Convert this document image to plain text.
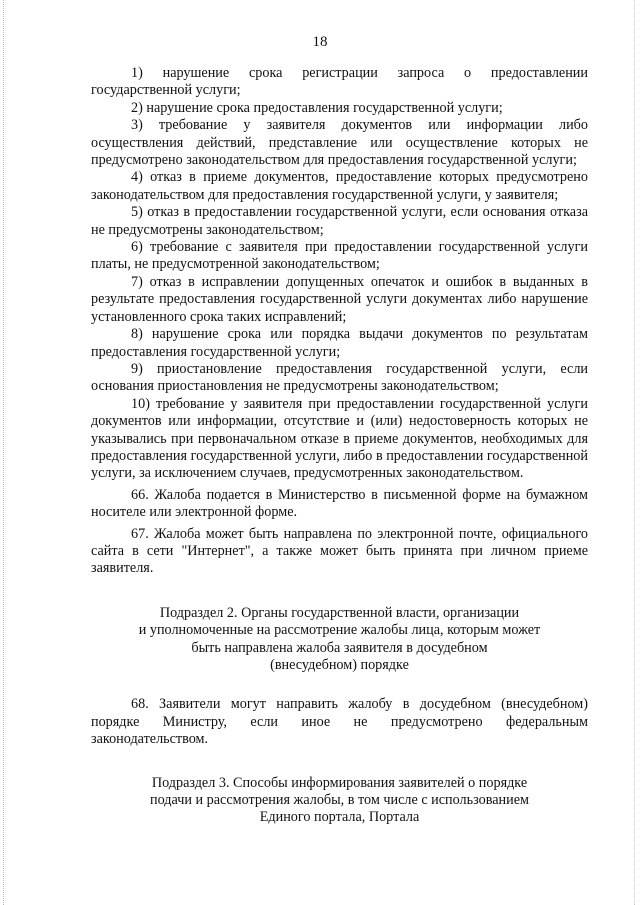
18

1)  нарушение  срока  регистрации  запроса  о  предоставлении государственной услуги;

2) нарушение срока предоставления государственной услуги;

3) требование у заявителя документов или информации либо осуществления действий, представление или осуществление которых не предусмотрено законодательством для предоставления государственной услуги;

4) отказ в приеме документов, предоставление которых предусмотрено законодательством для предоставления государственной услуги, у заявителя;

5) отказ в предоставлении государственной услуги, если основания отказа не предусмотрены законодательством;

6) требование с заявителя при предоставлении государственной услуги платы, не предусмотренной законодательством;

7) отказ в исправлении допущенных опечаток и ошибок в выданных в результате предоставления государственной услуги документах либо нарушение установленного срока таких исправлений;

8) нарушение срока или порядка выдачи документов по результатам предоставления государственной услуги;

9) приостановление предоставления государственной услуги, если основания приостановления не предусмотрены законодательством;

10) требование у заявителя при предоставлении государственной услуги документов или информации, отсутствие и (или) недостоверность которых не указывались при первоначальном отказе в приеме документов, необходимых для предоставления государственной услуги, либо в предоставлении государственной услуги, за исключением случаев, предусмотренных законодательством.

66. Жалоба подается в Министерство в письменной форме на бумажном носителе или электронной форме.

67. Жалоба может быть направлена по электронной почте, официального сайта в сети "Интернет", а также может быть принята при личном приеме заявителя.

Подраздел 2. Органы государственной власти, организации
и уполномоченные на рассмотрение жалобы лица, которым может
быть направлена жалоба заявителя в досудебном
(внесудебном) порядке

68. Заявители могут направить жалобу в досудебном (внесудебном) порядке Министру, если иное не предусмотрено федеральным законодательством.

Подраздел 3. Способы информирования заявителей о порядке
подачи и рассмотрения жалобы, в том числе с использованием
Единого портала, Портала
